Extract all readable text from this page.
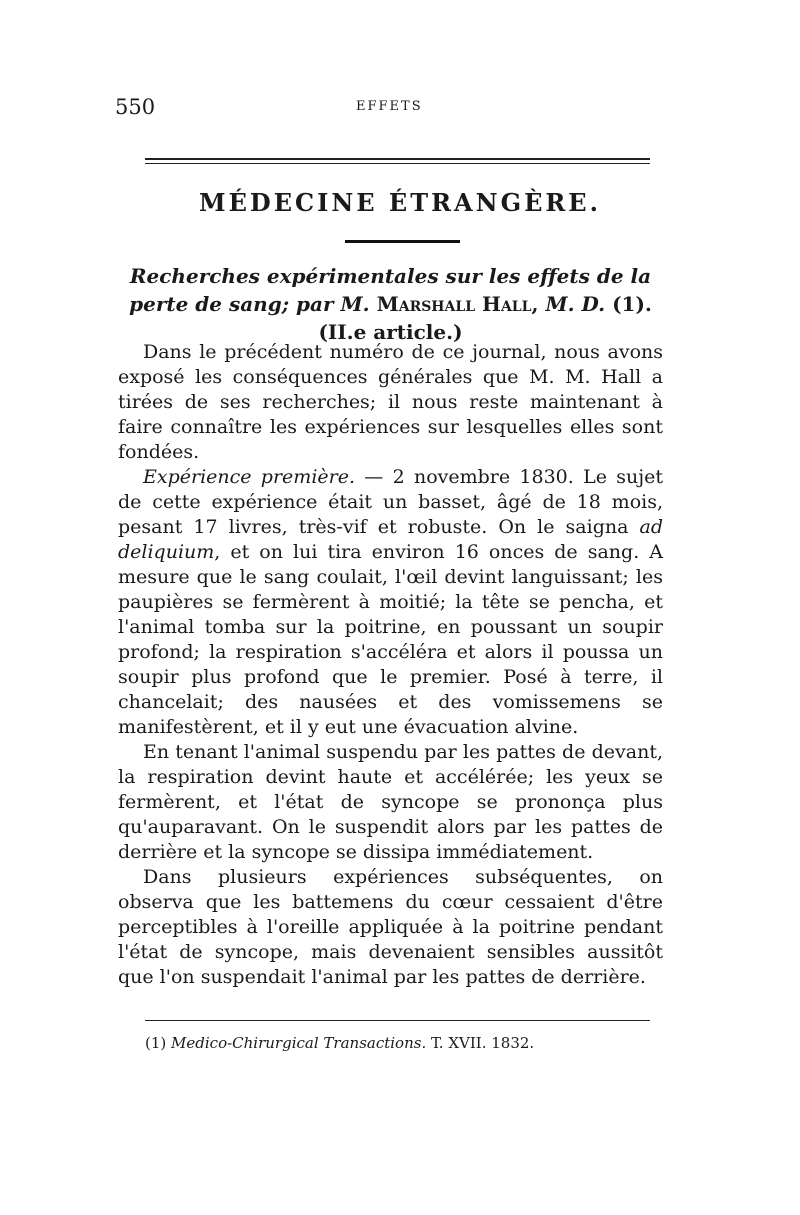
550	EFFETS
MÉDECINE ÉTRANGÈRE.
Recherches expérimentales sur les effets de la perte de sang; par M. Marshall Hall, M. D. (1). (II.e article.)

Dans le précédent numéro de ce journal, nous avons exposé les conséquences générales que M. M. Hall a tirées de ses recherches; il nous reste maintenant à faire connaître les expériences sur lesquelles elles sont fondées.

Expérience première. — 2 novembre 1830. Le sujet de cette expérience était un basset, âgé de 18 mois, pesant 17 livres, très-vif et robuste. On le saigna ad deliquium, et on lui tira environ 16 onces de sang. A mesure que le sang coulait, l'œil devint languissant; les paupières se fermèrent à moitié; la tête se pencha, et l'animal tomba sur la poitrine, en poussant un soupir profond; la respiration s'accéléra et alors il poussa un soupir plus profond que le premier. Posé à terre, il chancelait; des nausées et des vomissemens se manifestèrent, et il y eut une évacuation alvine.

En tenant l'animal suspendu par les pattes de devant, la respiration devint haute et accélérée; les yeux se fermèrent, et l'état de syncope se prononça plus qu'auparavant. On le suspendit alors par les pattes de derrière et la syncope se dissipa immédiatement.

Dans plusieurs expériences subséquentes, on observa que les battemens du cœur cessaient d'être perceptibles à l'oreille appliquée à la poitrine pendant l'état de syncope, mais devenaient sensibles aussitôt que l'on suspendait l'animal par les pattes de derrière.

(1) Medico-Chirurgical Transactions. T. XVII. 1832.
